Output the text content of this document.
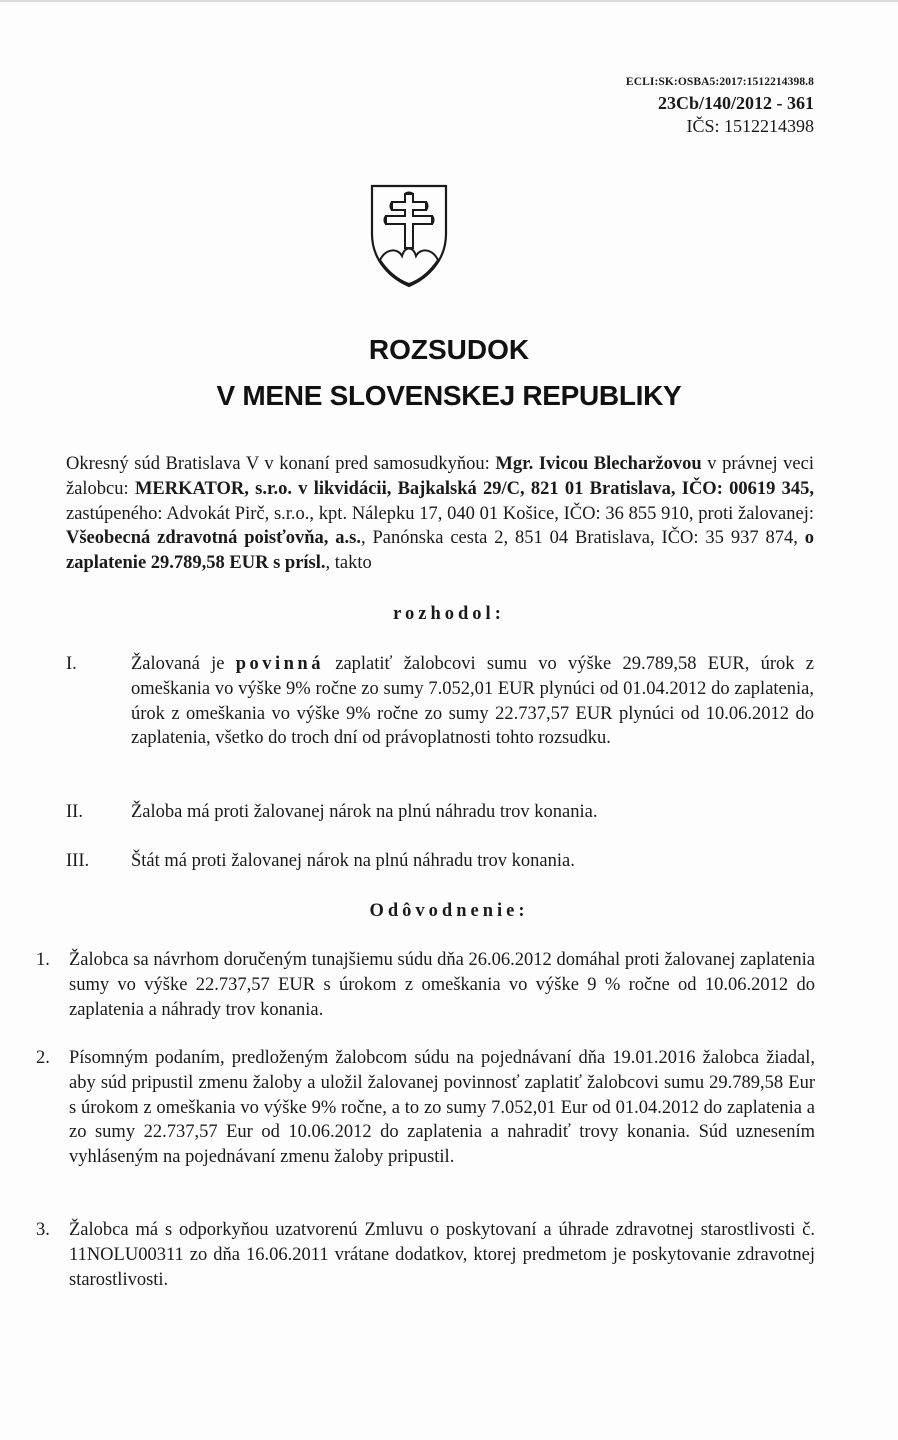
ECLI:SK:OSBA5:2017:1512214398.8
23Cb/140/2012 - 361
IČS: 1512214398
ROZSUDOK
V MENE SLOVENSKEJ REPUBLIKY
Okresný súd Bratislava V v konaní pred samosudkyňou: Mgr. Ivicou Blecharžovou v právnej veci žalobcu: MERKATOR, s.r.o. v likvidácii, Bajkalská 29/C, 821 01 Bratislava, IČO: 00619 345, zastúpeného: Advokát Pirč, s.r.o., kpt. Nálepku 17, 040 01 Košice, IČO: 36 855 910, proti žalovanej: Všeobecná zdravotná poisťovňa, a.s., Panónska cesta 2, 851 04 Bratislava, IČO: 35 937 874, o zaplatenie 29.789,58 EUR s prísl., takto
rozhodol:
I.	Žalovaná je povinná zaplatiť žalobcovi sumu vo výške 29.789,58 EUR, úrok z omeškania vo výške 9% ročne zo sumy 7.052,01 EUR plynúci od 01.04.2012 do zaplatenia, úrok z omeškania vo výške 9% ročne zo sumy 22.737,57 EUR plynúci od 10.06.2012 do zaplatenia, všetko do troch dní od právoplatnosti tohto rozsudku.
II.	Žaloba má proti žalovanej nárok na plnú náhradu trov konania.
III. Štát má proti žalovanej nárok na plnú náhradu trov konania.
Odôvodnenie:
1. Žalobca sa návrhom doručeným tunajšiemu súdu dňa 26.06.2012 domáhal proti žalovanej zaplatenia sumy vo výške 22.737,57 EUR s úrokom z omeškania vo výške 9 % ročne od 10.06.2012 do zaplatenia a náhrady trov konania.
2. Písomným podaním, predloženým žalobcom súdu na pojednávaní dňa 19.01.2016 žalobca žiadal, aby súd pripustil zmenu žaloby a uložil žalovanej povinnosť zaplatiť žalobcovi sumu 29.789,58 Eur s úrokom z omeškania vo výške 9% ročne, a to zo sumy 7.052,01 Eur od 01.04.2012 do zaplatenia a zo sumy 22.737,57 Eur od 10.06.2012 do zaplatenia a nahradiť trovy konania. Súd uznesením vyhláseným na pojednávaní zmenu žaloby pripustil.
3. Žalobca má s odporkyňou uzatvorenú Zmluvu o poskytovaní a úhrade zdravotnej starostlivosti č. 11NOLU00311 zo dňa 16.06.2011 vrátane dodatkov, ktorej predmetom je poskytovanie zdravotnej starostlivosti.
